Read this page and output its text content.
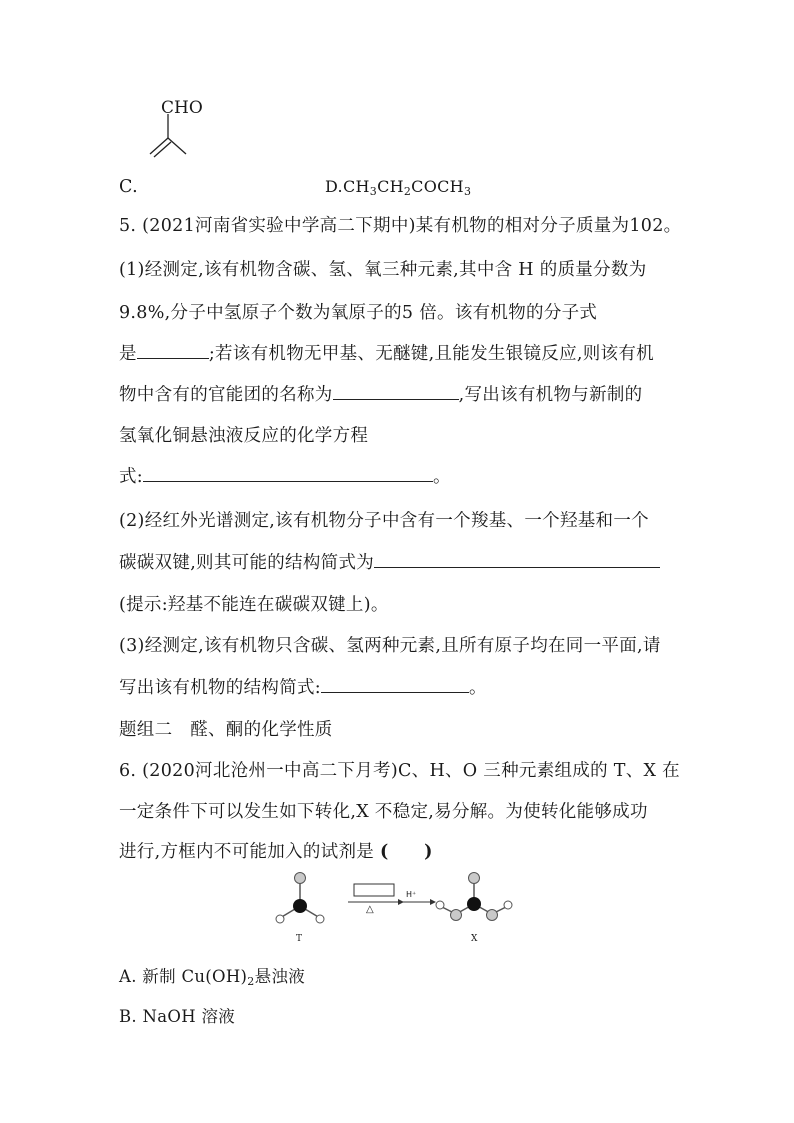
CHO
C.	$D.CH_3CH_2COCH_3$
5. (2021河南省实验中学高二下期中)某有机物的相对分子质量为102。
(1)经测定,该有机物含碳、氢、氧三种元素,其中含 H 的质量分数为
9.8%,分子中氢原子个数为氧原子的5 倍。该有机物的分子式
是	;若该有机物无甲基、无醚键,且能发生银镜反应,则该有机
物中含有的官能团的名称为	,写出该有机物与新制的
氢氧化铜悬浊液反应的化学方程
式:	。
(2)经红外光谱测定,该有机物分子中含有一个羧基、一个羟基和一个
碳碳双键,则其可能的结构简式为
(提示:羟基不能连在碳碳双键上)。
(3)经测定,该有机物只含碳、氢两种元素,且所有原子均在同一平面,请
写出该有机物的结构简式:	。
题组二　醛、酮的化学性质
6. (2020河北沧州一中高二下月考)C、H、O 三种元素组成的 T、X 在
一定条件下可以发生如下转化,X 不稳定,易分解。为使转化能够成功
进行,方框内不可能加入的试剂是 (　　)
△
H⁺
T	X
A. 新制 $Cu(OH)_2$悬浊液
B. NaOH 溶液
